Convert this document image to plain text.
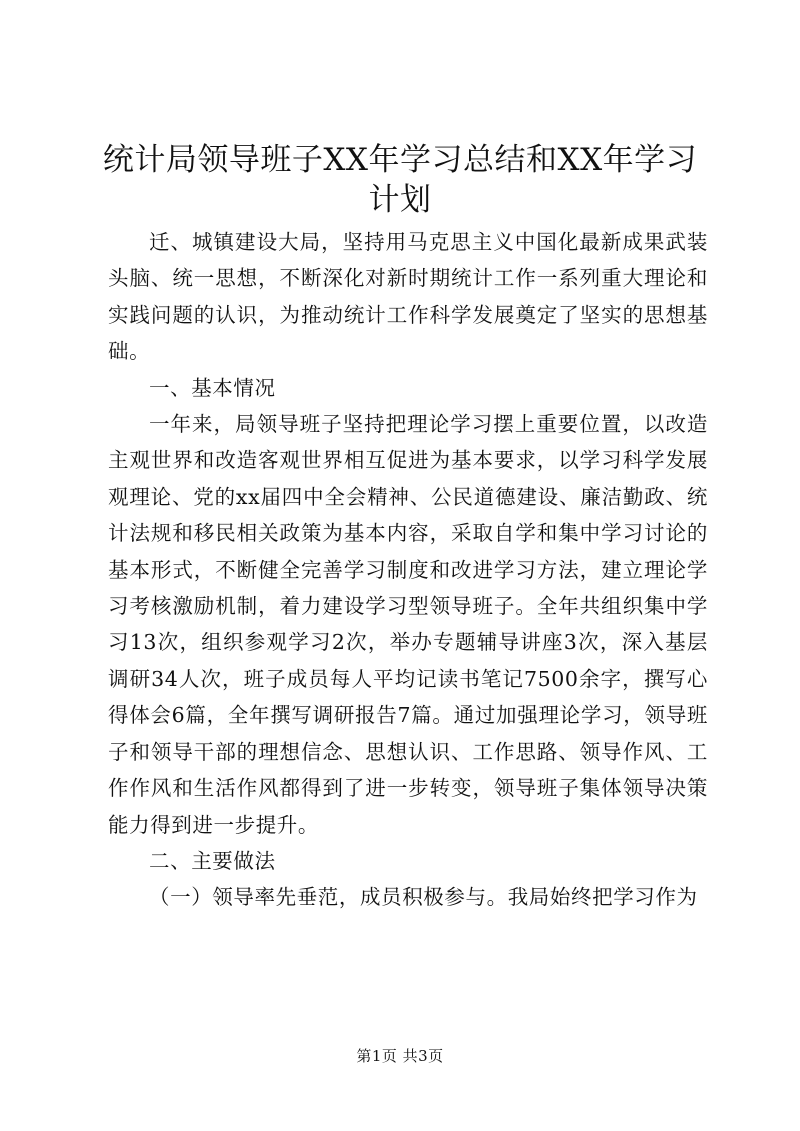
统计局领导班子XX年学习总结和XX年学习计划

迁、城镇建设大局，坚持用马克思主义中国化最新成果武装头脑、统一思想，不断深化对新时期统计工作一系列重大理论和实践问题的认识，为推动统计工作科学发展奠定了坚实的思想基础。

一、基本情况

一年来，局领导班子坚持把理论学习摆上重要位置，以改造主观世界和改造客观世界相互促进为基本要求，以学习科学发展观理论、党的xx届四中全会精神、公民道德建设、廉洁勤政、统计法规和移民相关政策为基本内容，采取自学和集中学习讨论的基本形式，不断健全完善学习制度和改进学习方法，建立理论学习考核激励机制，着力建设学习型领导班子。全年共组织集中学习13次，组织参观学习2次，举办专题辅导讲座3次，深入基层调研34人次，班子成员每人平均记读书笔记7500余字，撰写心得体会6篇，全年撰写调研报告7篇。通过加强理论学习，领导班子和领导干部的理想信念、思想认识、工作思路、领导作风、工作作风和生活作风都得到了进一步转变，领导班子集体领导决策能力得到进一步提升。

二、主要做法

（一）领导率先垂范，成员积极参与。我局始终把学习作为

第1页 共3页
